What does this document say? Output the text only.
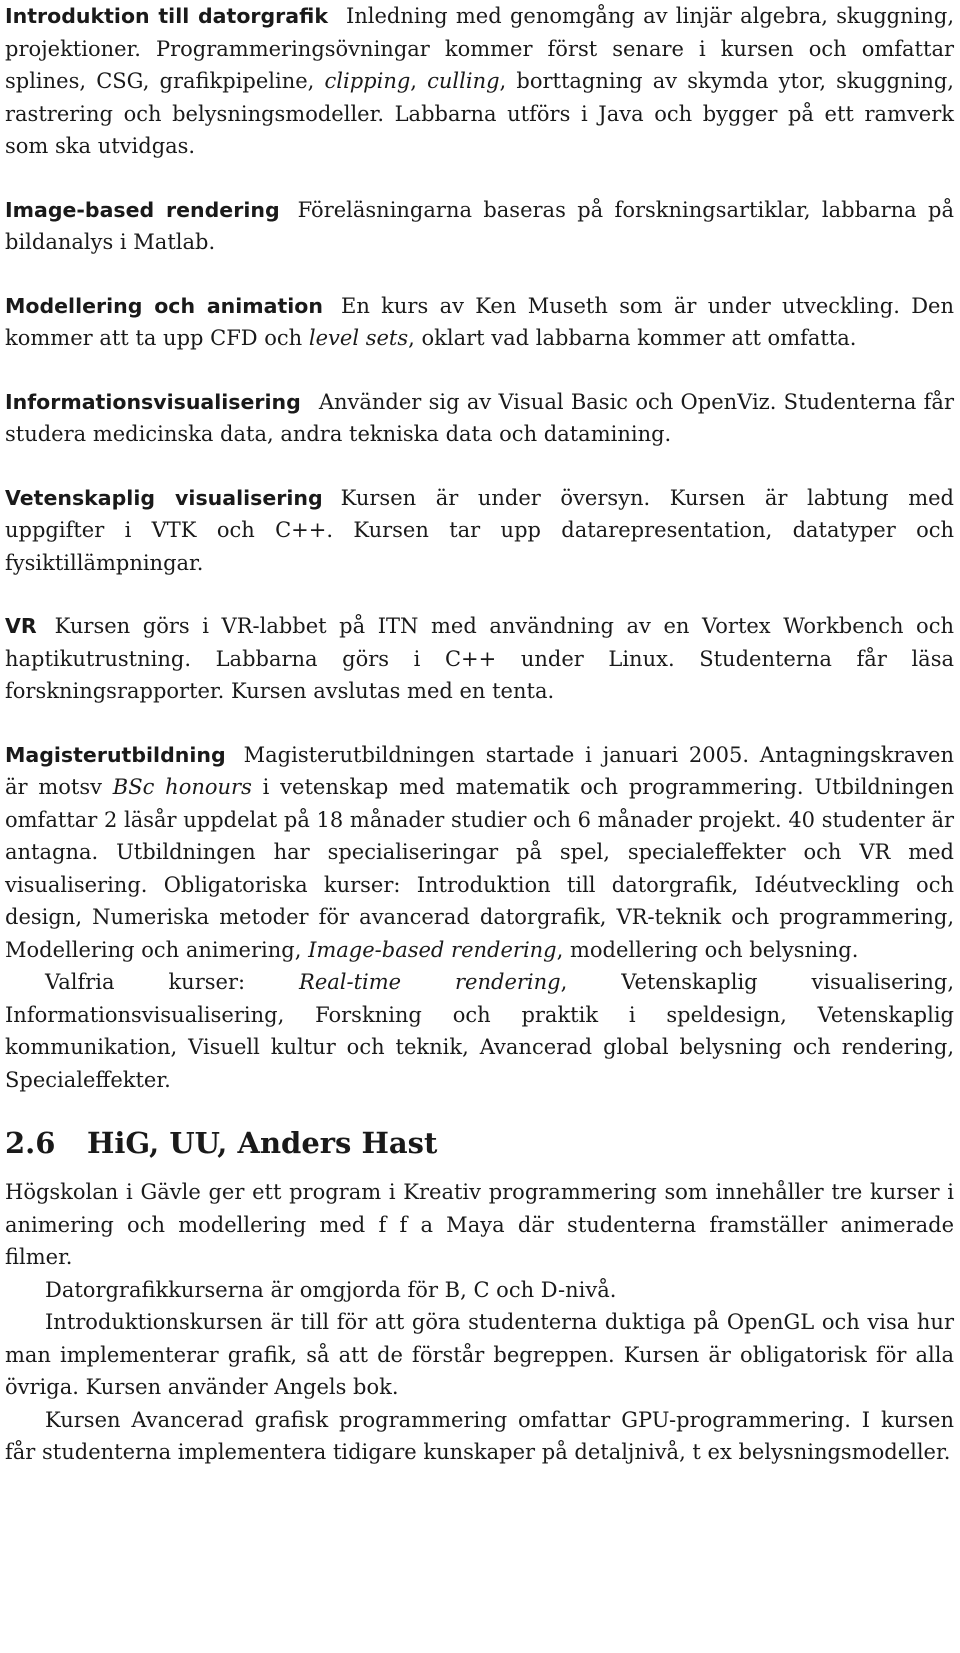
Introduktion till datorgrafik Inledning med genomgång av linjär algebra, skuggning, projektioner. Programmeringsövningar kommer först senare i kursen och omfattar splines, CSG, grafikpipeline, clipping, culling, borttagning av skymda ytor, skuggning, rastrering och belysningsmodeller. Labbarna utförs i Java och bygger på ett ramverk som ska utvidgas.

Image-based rendering Föreläsningarna baseras på forskningsartiklar, labbarna på bildanalys i Matlab.

Modellering och animation En kurs av Ken Museth som är under utveckling. Den kommer att ta upp CFD och level sets, oklart vad labbarna kommer att omfatta.

Informationsvisualisering Använder sig av Visual Basic och OpenViz. Studenterna får studera medicinska data, andra tekniska data och datamining.

Vetenskaplig visualisering Kursen är under översyn. Kursen är labtung med uppgifter i VTK och C++. Kursen tar upp datarepresentation, datatyper och fysiktillämpningar.

VR Kursen görs i VR-labbet på ITN med användning av en Vortex Workbench och haptikutrustning. Labbarna görs i C++ under Linux. Studenterna får läsa forskningsrapporter. Kursen avslutas med en tenta.

Magisterutbildning Magisterutbildningen startade i januari 2005. Antagningskraven är motsv BSc honours i vetenskap med matematik och programmering. Utbildningen omfattar 2 läsår uppdelat på 18 månader studier och 6 månader projekt. 40 studenter är antagna. Utbildningen har specialiseringar på spel, specialeffekter och VR med visualisering. Obligatoriska kurser: Introduktion till datorgrafik, Idéutveckling och design, Numeriska metoder för avancerad datorgrafik, VR-teknik och programmering, Modellering och animering, Image-based rendering, modellering och belysning.

Valfria kurser: Real-time rendering, Vetenskaplig visualisering, Informationsvisualisering, Forskning och praktik i speldesign, Vetenskaplig kommunikation, Visuell kultur och teknik, Avancerad global belysning och rendering, Specialeffekter.

2.6 HiG, UU, Anders Hast

Högskolan i Gävle ger ett program i Kreativ programmering som innehåller tre kurser i animering och modellering med f f a Maya där studenterna framställer animerade filmer.

Datorgrafikkurserna är omgjorda för B, C och D-nivå.

Introduktionskursen är till för att göra studenterna duktiga på OpenGL och visa hur man implementerar grafik, så att de förstår begreppen. Kursen är obligatorisk för alla övriga. Kursen använder Angels bok.

Kursen Avancerad grafisk programmering omfattar GPU-programmering. I kursen får studenterna implementera tidigare kunskaper på detaljnivå, t ex belysningsmodeller.
